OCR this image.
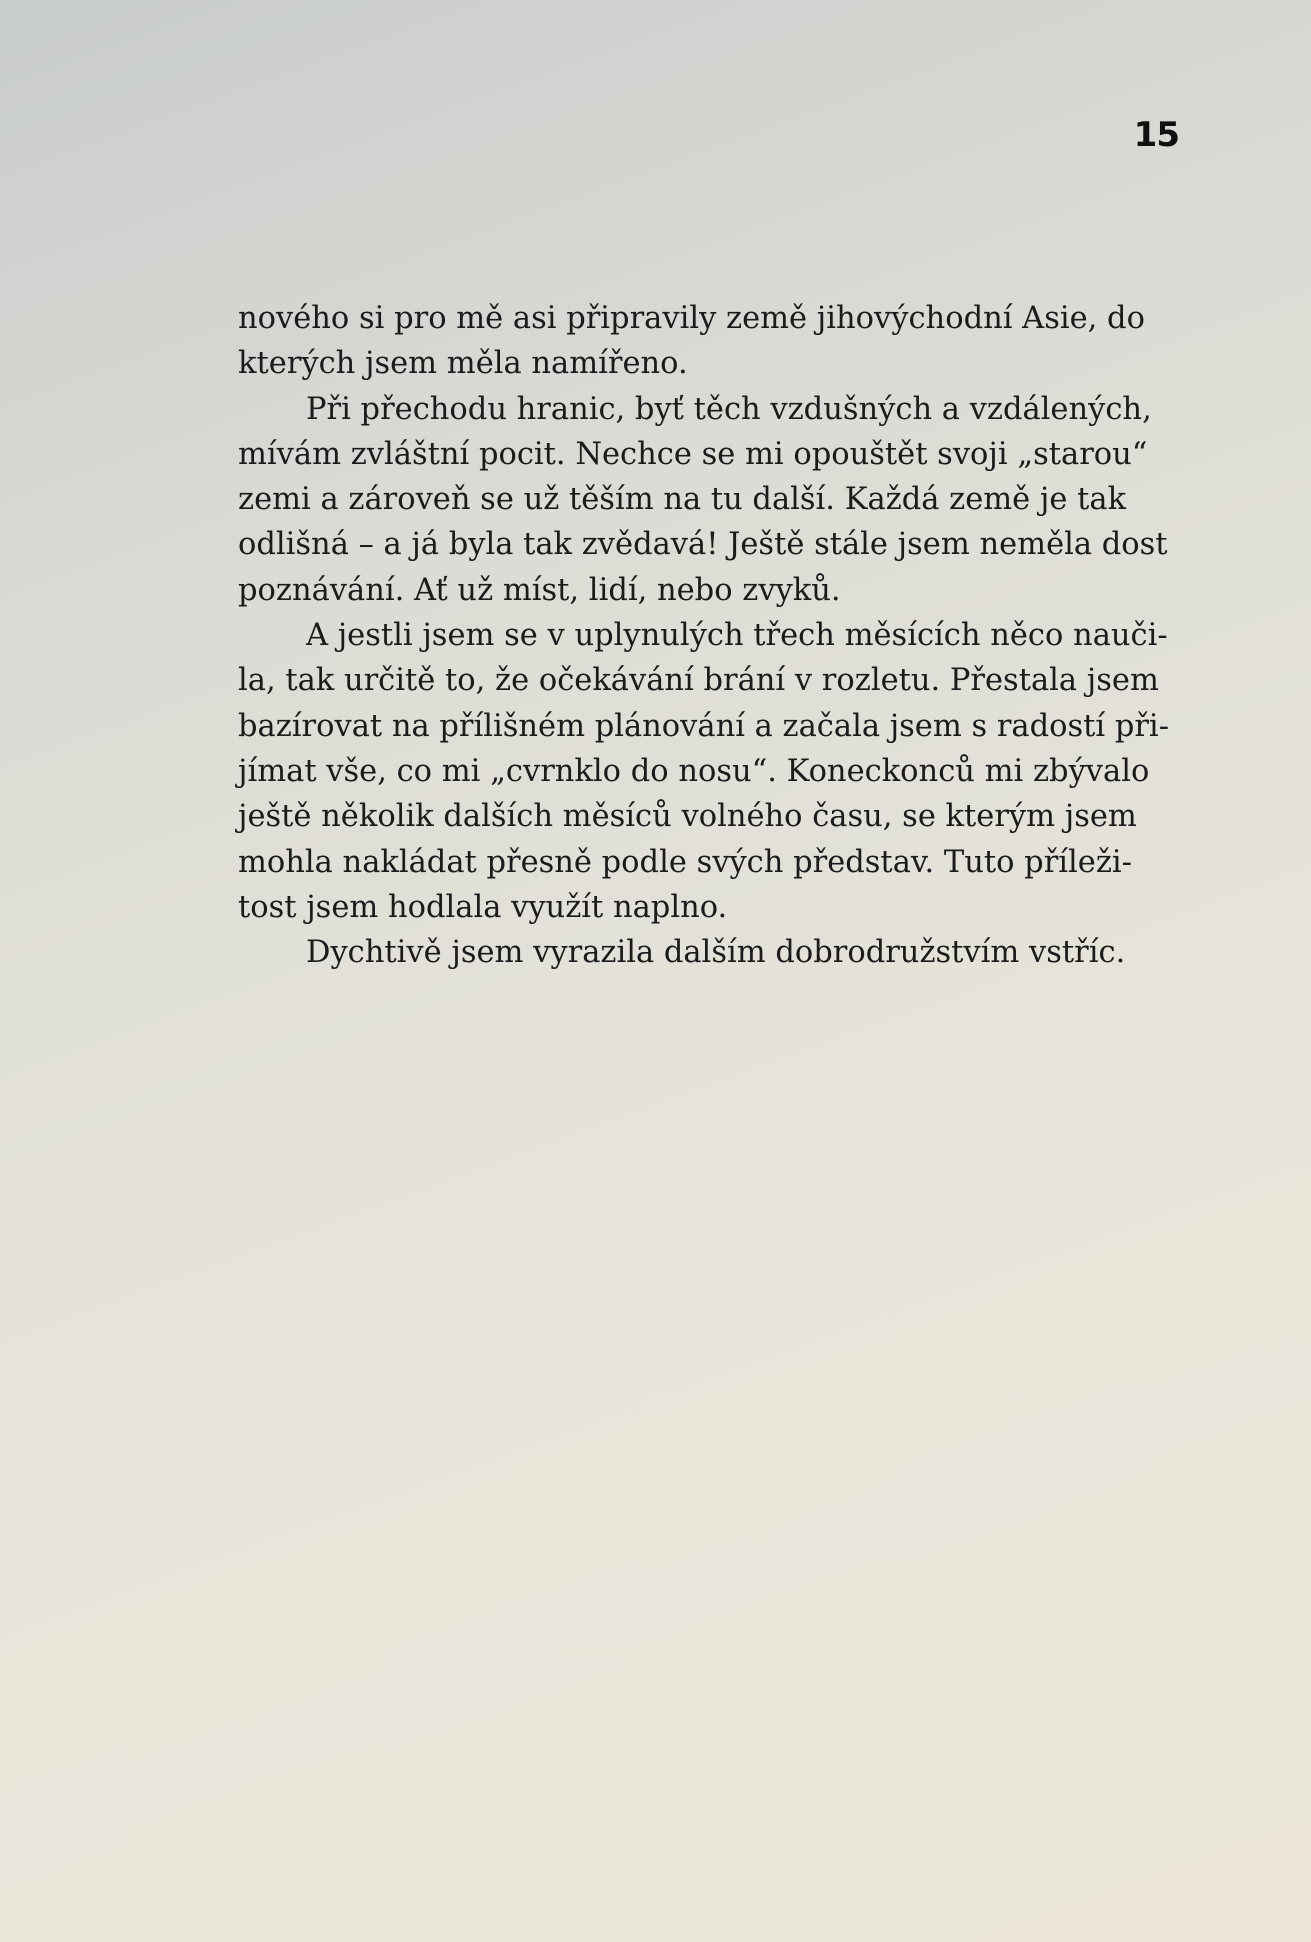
15
nového si pro mě asi připravily země jihovýchodní Asie, do
kterých jsem měla namířeno.
Při přechodu hranic, byť těch vzdušných a vzdálených,
mívám zvláštní pocit. Nechce se mi opouštět svoji „starou“
zemi a zároveň se už těším na tu další. Každá země je tak
odlišná – a já byla tak zvědavá! Ještě stále jsem neměla dost
poznávání. Ať už míst, lidí, nebo zvyků.
A jestli jsem se v uplynulých třech měsících něco nauči-
la, tak určitě to, že očekávání brání v rozletu. Přestala jsem
bazírovat na přílišném plánování a začala jsem s radostí při-
jímat vše, co mi „cvrnklo do nosu“. Koneckonců mi zbývalo
ještě několik dalších měsíců volného času, se kterým jsem
mohla nakládat přesně podle svých představ. Tuto příleži-
tost jsem hodlala využít naplno.
Dychtivě jsem vyrazila dalším dobrodružstvím vstříc.
